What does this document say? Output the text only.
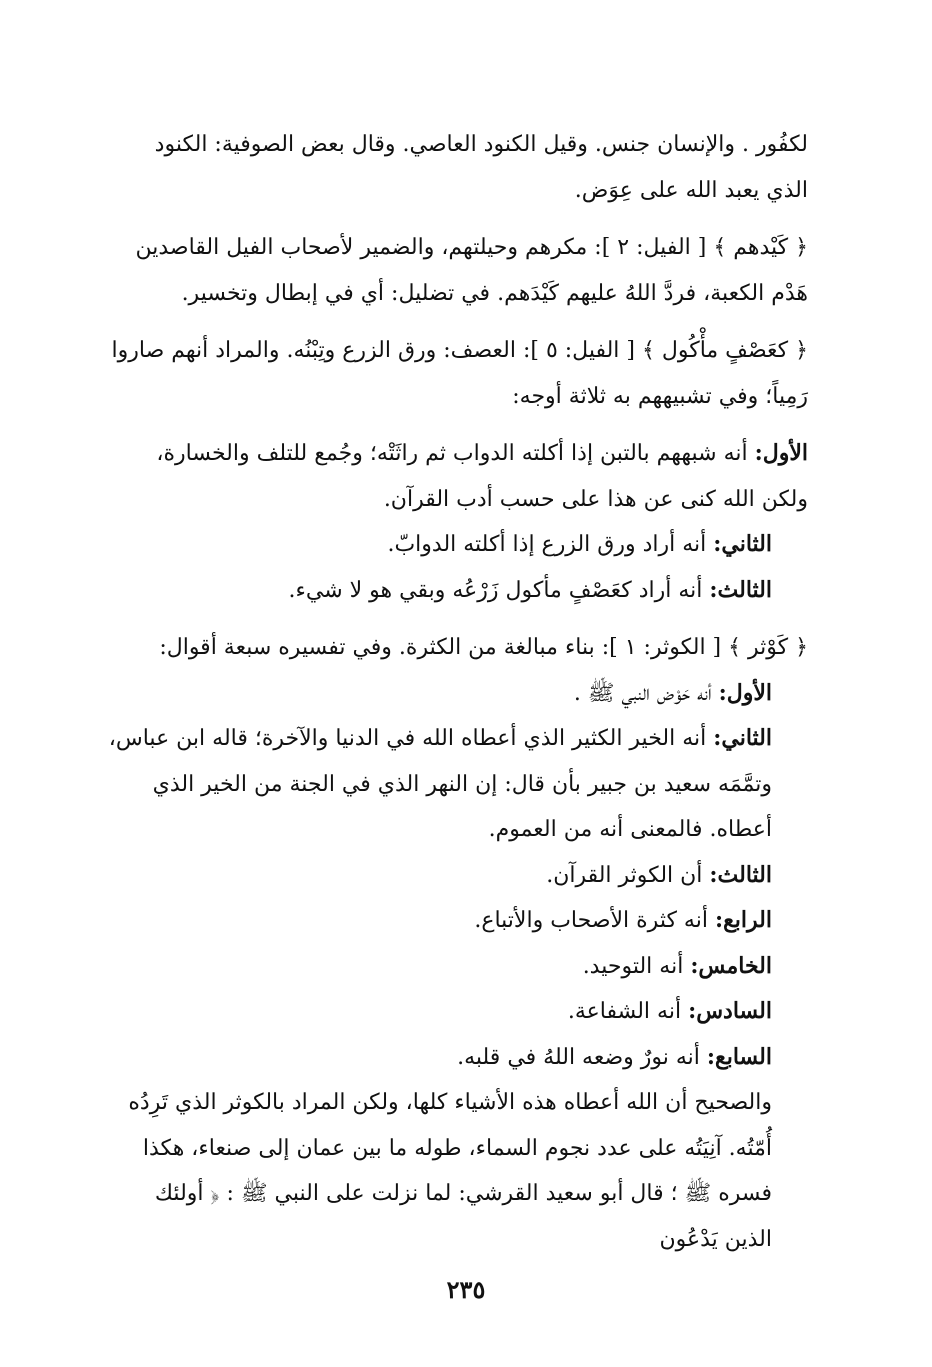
لكفُور . والإنسان جنس. وقيل الكنود العاصي. وقال بعض الصوفية: الكنود الذي يعبد الله على عِوَض.

﴿ كَيْدهم ﴾ [ الفيل: ٢ ]: مكرهم وحيلتهم، والضمير لأصحاب الفيل القاصدين هَدْم الكعبة، فردَّ اللهُ عليهم كَيْدَهم. في تضليل: أي في إبطال وتخسير.

﴿ كعَصْفٍ مأْكُول ﴾ [ الفيل: ٥ ]: العصف: ورق الزرع وتِبْنُه. والمراد أنهم صاروا رَمِياً؛ وفي تشبيههم به ثلاثة أوجه:

الأول: أنه شبههم بالتبن إذا أكلته الدواب ثم راثَتْه؛ وجُمع للتلف والخسارة، ولكن الله كنى عن هذا على حسب أدب القرآن.

الثاني: أنه أراد ورق الزرع إذا أكلته الدوابّ.

الثالث: أنه أراد كعَصْفٍ مأكول زَرْعُه وبقي هو لا شيء.

﴿ كَوْثر ﴾ [ الكوثر: ١ ]: بناء مبالغة من الكثرة. وفي تفسيره سبعة أقوال:

الأول: أنه حَوْض النبي ﷺ .

الثاني: أنه الخير الكثير الذي أعطاه الله في الدنيا والآخرة؛ قاله ابن عباس، وتمَّمَه سعيد بن جبير بأن قال: إن النهر الذي في الجنة من الخير الذي أعطاه. فالمعنى أنه من العموم.

الثالث: أن الكوثر القرآن.

الرابع: أنه كثرة الأصحاب والأتباع.

الخامس: أنه التوحيد.

السادس: أنه الشفاعة.

السابع: أنه نورٌ وضعه اللهُ في قلبه.

والصحيح أن الله أعطاه هذه الأشياء كلها، ولكن المراد بالكوثر الذي تَرِدُه أُمّتُه. آنِيَتُه على عدد نجوم السماء، طوله ما بين عمان إلى صنعاء، هكذا فسره ﷺ ؛ قال أبو سعيد القرشي: لما نزلت على النبي ﷺ : ﴿ أولئك الذين يَدْعُون

٢٣٥
